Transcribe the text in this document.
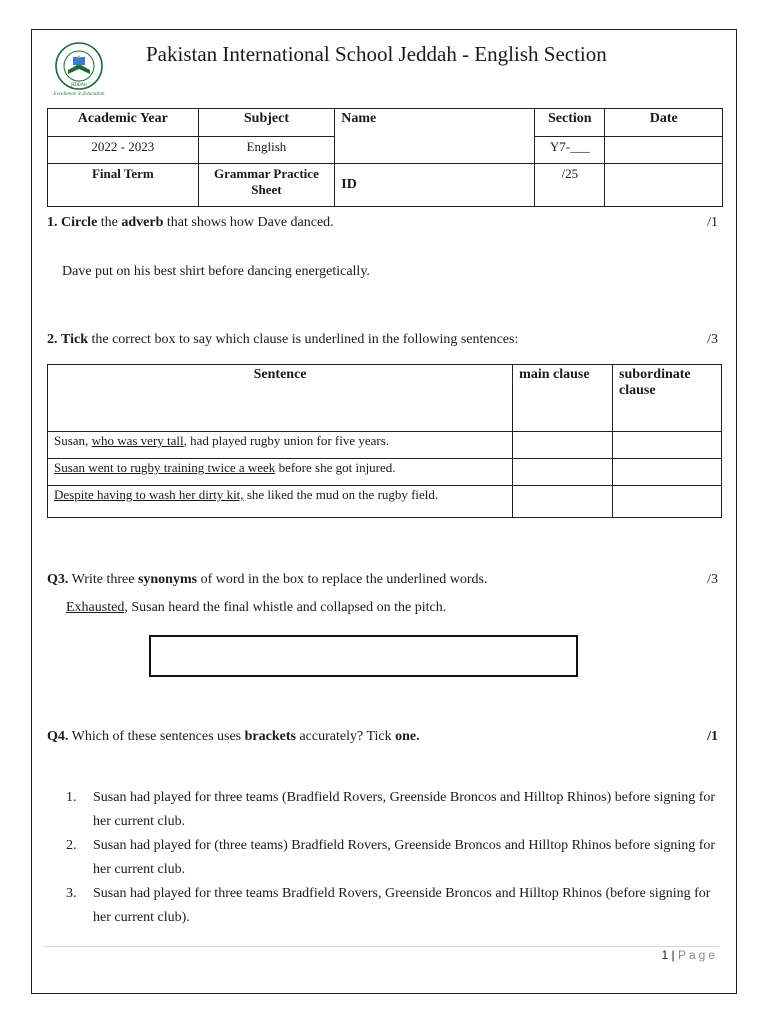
JEDDAH
Excellence in Education
Pakistan International School Jeddah - English Section
Academic Year	Subject	Name	Section	Date
2022 - 2023	English		Y7-___	
Final Term	Grammar Practice Sheet	ID	/25	
1. Circle the adverb that shows how Dave danced.	/1
Dave put on his best shirt before dancing energetically.
2. Tick the correct box to say which clause is underlined in the following sentences:	/3
Sentence	main clause	subordinate clause
Susan, who was very tall, had played rugby union for five years.		
Susan went to rugby training twice a week before she got injured.		
Despite having to wash her dirty kit, she liked the mud on the rugby field.		
Q3. Write three synonyms of word in the box to replace the underlined words.	/3
Exhausted, Susan heard the final whistle and collapsed on the pitch.
Q4. Which of these sentences uses brackets accurately? Tick one.	/1
1.	Susan had played for three teams (Bradfield Rovers, Greenside Broncos and Hilltop Rhinos) before signing for her current club.
2.	Susan had played for (three teams) Bradfield Rovers, Greenside Broncos and Hilltop Rhinos before signing for her current club.
3.	Susan had played for three teams Bradfield Rovers, Greenside Broncos and Hilltop Rhinos (before signing for her current club).
1 | Page
